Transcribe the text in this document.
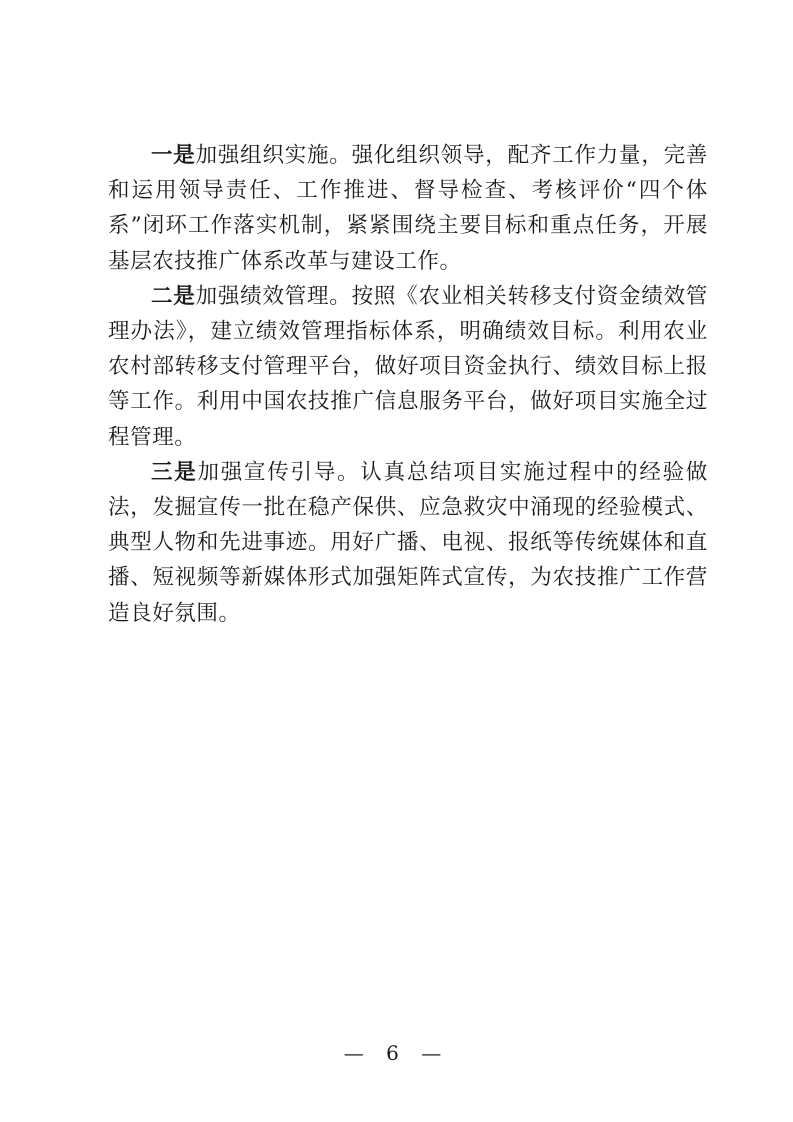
一是加强组织实施。强化组织领导，配齐工作力量，完善和运用领导责任、工作推进、督导检查、考核评价“四个体系”闭环工作落实机制，紧紧围绕主要目标和重点任务，开展基层农技推广体系改革与建设工作。

二是加强绩效管理。按照《农业相关转移支付资金绩效管理办法》，建立绩效管理指标体系，明确绩效目标。利用农业农村部转移支付管理平台，做好项目资金执行、绩效目标上报等工作。利用中国农技推广信息服务平台，做好项目实施全过程管理。

三是加强宣传引导。认真总结项目实施过程中的经验做法，发掘宣传一批在稳产保供、应急救灾中涌现的经验模式、典型人物和先进事迹。用好广播、电视、报纸等传统媒体和直播、短视频等新媒体形式加强矩阵式宣传，为农技推广工作营造良好氛围。

— 6 —
